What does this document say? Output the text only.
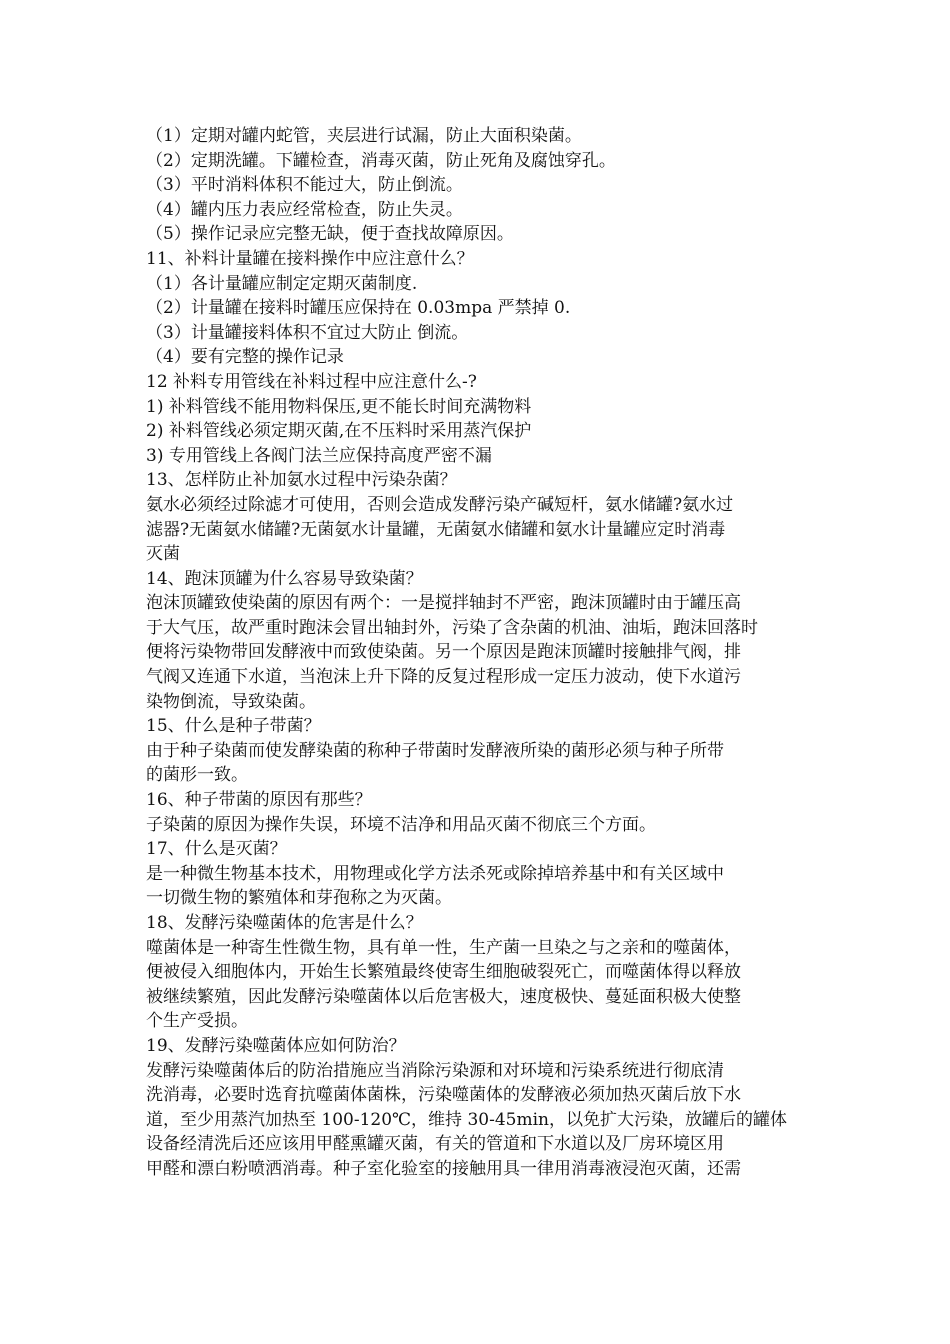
（1）定期对罐内蛇管，夹层进行试漏，防止大面积染菌。
（2）定期洗罐。下罐检查，消毒灭菌，防止死角及腐蚀穿孔。
（3）平时消料体积不能过大，防止倒流。
（4）罐内压力表应经常检查，防止失灵。
（5）操作记录应完整无缺，便于查找故障原因。
11、补料计量罐在接料操作中应注意什么？
（1）各计量罐应制定定期灭菌制度.
（2）计量罐在接料时罐压应保持在 0.03mpa 严禁掉 0.
（3）计量罐接料体积不宜过大防止 倒流。
（4）要有完整的操作记录
12 补料专用管线在补料过程中应注意什么-?
1) 补料管线不能用物料保压,更不能长时间充满物料
2) 补料管线必须定期灭菌,在不压料时采用蒸汽保护
3) 专用管线上各阀门法兰应保持高度严密不漏
13、怎样防止补加氨水过程中污染杂菌？
氨水必须经过除滤才可使用，否则会造成发酵污染产碱短杆，氨水储罐?氨水过
滤器?无菌氨水储罐?无菌氨水计量罐，无菌氨水储罐和氨水计量罐应定时消毒
灭菌
14、跑沫顶罐为什么容易导致染菌？
泡沫顶罐致使染菌的原因有两个：一是搅拌轴封不严密，跑沫顶罐时由于罐压高
于大气压，故严重时跑沫会冒出轴封外，污染了含杂菌的机油、油垢，跑沫回落时
便将污染物带回发酵液中而致使染菌。另一个原因是跑沫顶罐时接触排气阀，排
气阀又连通下水道，当泡沫上升下降的反复过程形成一定压力波动，使下水道污
染物倒流，导致染菌。
15、什么是种子带菌？
由于种子染菌而使发酵染菌的称种子带菌时发酵液所染的菌形必须与种子所带
的菌形一致。
16、种子带菌的原因有那些？
子染菌的原因为操作失误，环境不洁净和用品灭菌不彻底三个方面。
17、什么是灭菌？
是一种微生物基本技术，用物理或化学方法杀死或除掉培养基中和有关区域中
一切微生物的繁殖体和芽孢称之为灭菌。
18、发酵污染噬菌体的危害是什么？
噬菌体是一种寄生性微生物，具有单一性，生产菌一旦染之与之亲和的噬菌体，
便被侵入细胞体内，开始生长繁殖最终使寄生细胞破裂死亡，而噬菌体得以释放
被继续繁殖，因此发酵污染噬菌体以后危害极大，速度极快、蔓延面积极大使整
个生产受损。
19、发酵污染噬菌体应如何防治？
发酵污染噬菌体后的防治措施应当消除污染源和对环境和污染系统进行彻底清
洗消毒，必要时选育抗噬菌体菌株，污染噬菌体的发酵液必须加热灭菌后放下水
道，至少用蒸汽加热至 100-120℃，维持 30-45min，以免扩大污染，放罐后的罐体
设备经清洗后还应该用甲醛熏罐灭菌，有关的管道和下水道以及厂房环境区用
甲醛和漂白粉喷洒消毒。种子室化验室的接触用具一律用消毒液浸泡灭菌，还需
